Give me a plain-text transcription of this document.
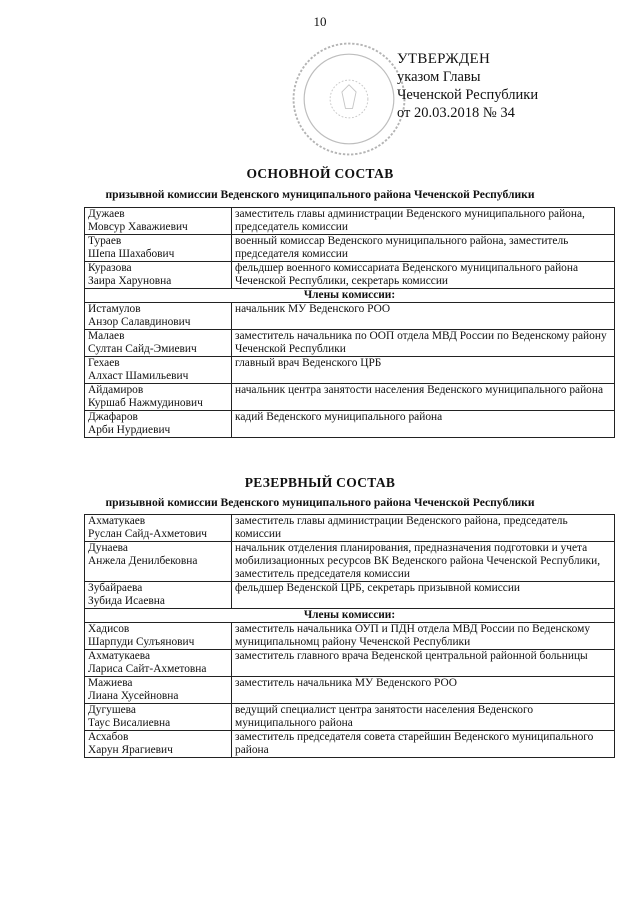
10
УТВЕРЖДЕН
указом Главы
Чеченской Республики
от 20.03.2018 № 34
ОСНОВНОЙ СОСТАВ
призывной комиссии Веденского муниципального района Чеченской Республики
Дужаев
Мовсур Хаважиевич	заместитель главы администрации Веденского муниципального района, председатель комиссии

Тураев
Шепа Шахабович	военный комиссар Веденского муниципального района, заместитель председателя комиссии

Куразова
Заира Харуновна	фельдшер военного комиссариата Веденского муниципального района Чеченской Республики, секретарь комиссии

Члены комиссии:	

Истамулов
Анзор Салавдинович	начальник МУ Веденского РОО

Малаев
Султан Сайд-Эмиевич	заместитель начальника по ООП отдела МВД России по Веденскому району Чеченской Республики

Гехаев
Алхаст Шамильевич	главный врач Веденского ЦРБ

Айдамиров
Куршаб Нажмудинович	начальник центра занятости населения Веденского муниципального района

Джафаров
Арби Нурдиевич	кадий Веденского муниципального района
РЕЗЕРВНЫЙ СОСТАВ
призывной комиссии Веденского муниципального района Чеченской Республики
Ахматукаев
Руслан Сайд-Ахметович	заместитель главы администрации Веденского района, председатель комиссии

Дунаева
Анжела Денилбековна	начальник отделения планирования, предназначения подготовки и учета мобилизационных ресурсов ВК Веденского района Чеченской Республики, заместитель председателя комиссии

Зубайраева
Зубида Исаевна	фельдшер Веденской ЦРБ, секретарь призывной комиссии

Члены комиссии:	

Хадисов
Шарпуди Сулъянович	заместитель начальника ОУП и ПДН отдела МВД России по Веденскому муниципальномц району Чеченской Республики

Ахматукаева
Лариса Сайт-Ахметовна	заместитель главного врача Веденской центральной районной больницы

Мажиева
Лиана Хусейновна	заместитель начальника МУ Веденского РОО

Дугушева
Таус Висалиевна	ведущий специалист центра занятости населения Веденского муниципального района

Асхабов
Харун Ярагиевич	заместитель председателя совета старейшин Веденского муниципального района
